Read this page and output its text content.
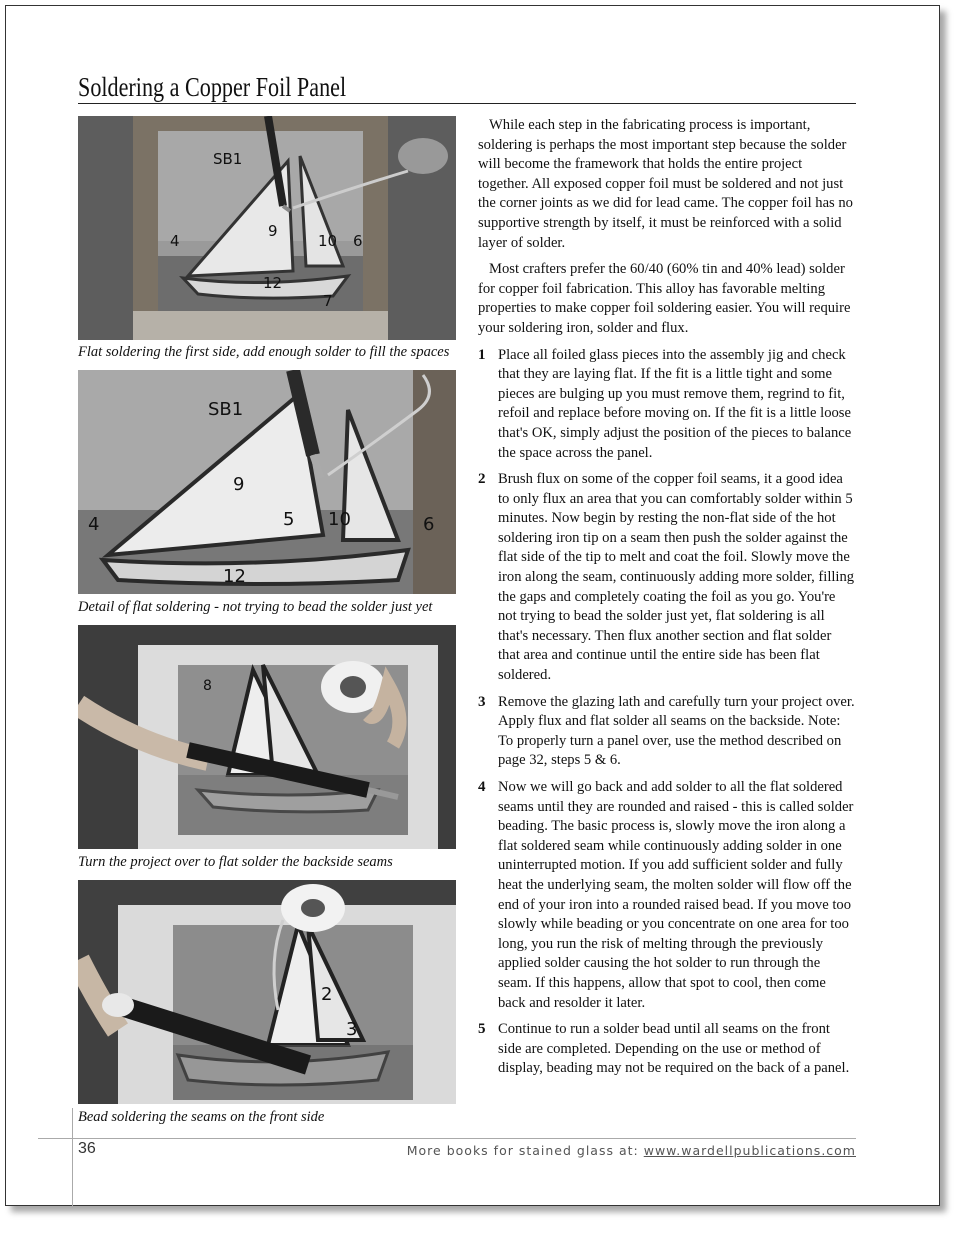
Soldering a Copper Foil Panel
SB1
9
10
4	6
12
7
Flat soldering the first side, add enough solder to fill the spaces
SB1
9
10
4	5	6
12
Detail of flat soldering - not trying to bead the solder just yet
8
Turn the project over to flat solder the backside seams
2
3
Bead soldering the seams on the front side

While each step in the fabricating process is important, soldering is perhaps the most important step because the solder will become the framework that holds the entire project together. All exposed copper foil must be soldered and not just the corner joints as we did for lead came. The copper foil has no supportive strength by itself, it must be reinforced with a solid layer of solder.

Most crafters prefer the 60/40 (60% tin and 40% lead) solder for copper foil fabrication. This alloy has favorable melting properties to make copper foil soldering easier. You will require your soldering iron, solder and flux.

1 Place all foiled glass pieces into the assembly jig and check that they are laying flat. If the fit is a little tight and some pieces are bulging up you must remove them, regrind to fit, refoil and replace before moving on. If the fit is a little loose that's OK, simply adjust the position of the pieces to balance the space across the panel.
2 Brush flux on some of the copper foil seams, it a good idea to only flux an area that you can comfortably solder within 5 minutes. Now begin by resting the non-flat side of the hot soldering iron tip on a seam then push the solder against the flat side of the tip to melt and coat the foil. Slowly move the iron along the seam, continuously adding more solder, filling the gaps and completely coating the foil as you go. You're not trying to bead the solder just yet, flat soldering is all that's necessary. Then flux another section and flat solder that area and continue until the entire side has been flat soldered.
3 Remove the glazing lath and carefully turn your project over. Apply flux and flat solder all seams on the backside. Note: To properly turn a panel over, use the method described on page 32, steps 5 & 6.
4 Now we will go back and add solder to all the flat soldered seams until they are rounded and raised - this is called solder beading. The basic process is, slowly move the iron along a flat soldered seam while continuously adding solder in one uninterrupted motion. If you add sufficient solder and fully heat the underlying seam, the molten solder will flow off the end of your iron into a rounded raised bead. If you move too slowly while beading or you concentrate on one area for too long, you run the risk of melting through the previously applied solder causing the hot solder to run through the seam. If this happens, allow that spot to cool, then come back and resolder it later.
5 Continue to run a solder bead until all seams on the front side are completed. Depending on the use or method of display, beading may not be required on the back of a panel.
36	More books for stained glass at: www.wardellpublications.com
